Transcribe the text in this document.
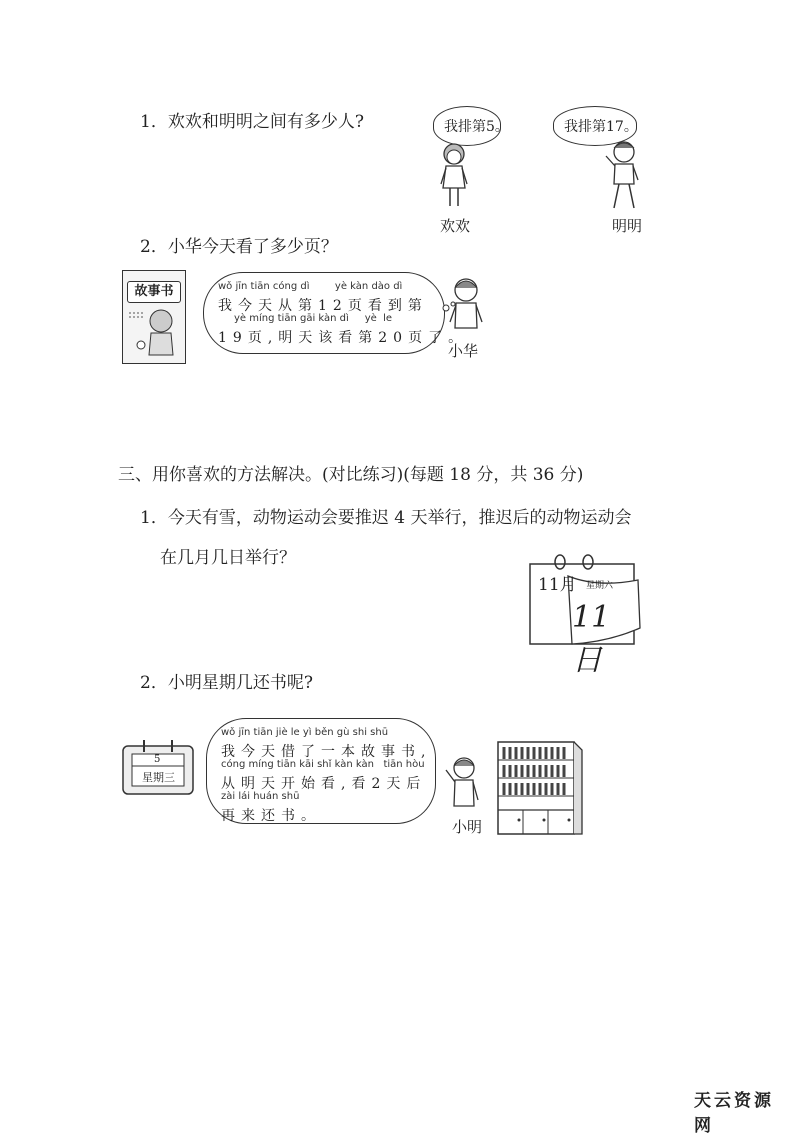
1．欢欢和明明之间有多少人?	我排第5。	我排第17。
欢欢	明明
2．小华今天看了多少页？
故事书	wǒ jīn tiān cóng dì        yè kàn dào dì
我今天从第12页看到第
yè míng tiān gāi kàn dì     yè  le
19页,明天该看第20页了。
小华
三、用你喜欢的方法解决。(对比练习)(每题 18 分，共 36 分)
1．今天有雪，动物运动会要推迟 4 天举行，推迟后的动物运动会
在几月几日举行？
11月 星期六
11日
2．小明星期几还书呢?
5
星期三
wǒ jīn tiān jiè le yì běn gù shi shū
我今天借了一本故事书,
cóng míng tiān kāi shǐ kàn kàn   tiān hòu
从明天开始看,看2天后
zài lái huán shū
再来还书。
小明
天云资源网
